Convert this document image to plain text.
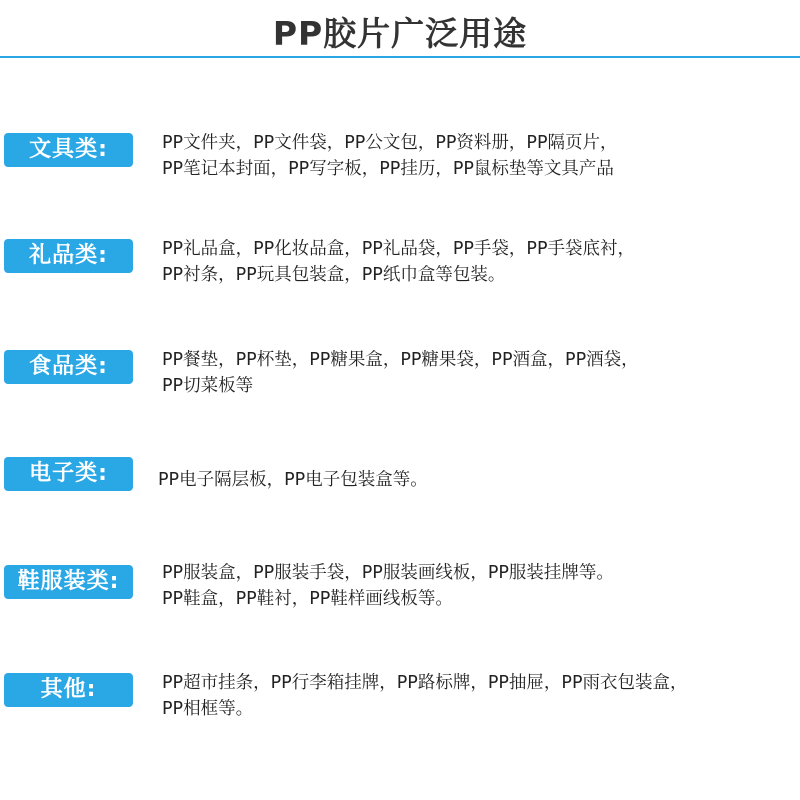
PP胶片广泛用途
文具类:	PP文件夹，PP文件袋，PP公文包，PP资料册，PP隔页片，
PP笔记本封面，PP写字板，PP挂历，PP鼠标垫等文具产品
礼品类:	PP礼品盒，PP化妆品盒，PP礼品袋，PP手袋，PP手袋底衬，
PP衬条，PP玩具包装盒，PP纸巾盒等包装。
食品类:	PP餐垫，PP杯垫，PP糖果盒，PP糖果袋，PP酒盒，PP酒袋，
PP切菜板等
电子类:	PP电子隔层板，PP电子包装盒等。
鞋服装类:	PP服装盒，PP服装手袋，PP服装画线板，PP服装挂牌等。
PP鞋盒，PP鞋衬，PP鞋样画线板等。
其他:	PP超市挂条，PP行李箱挂牌，PP路标牌，PP抽屉，PP雨衣包装盒，
PP相框等。
